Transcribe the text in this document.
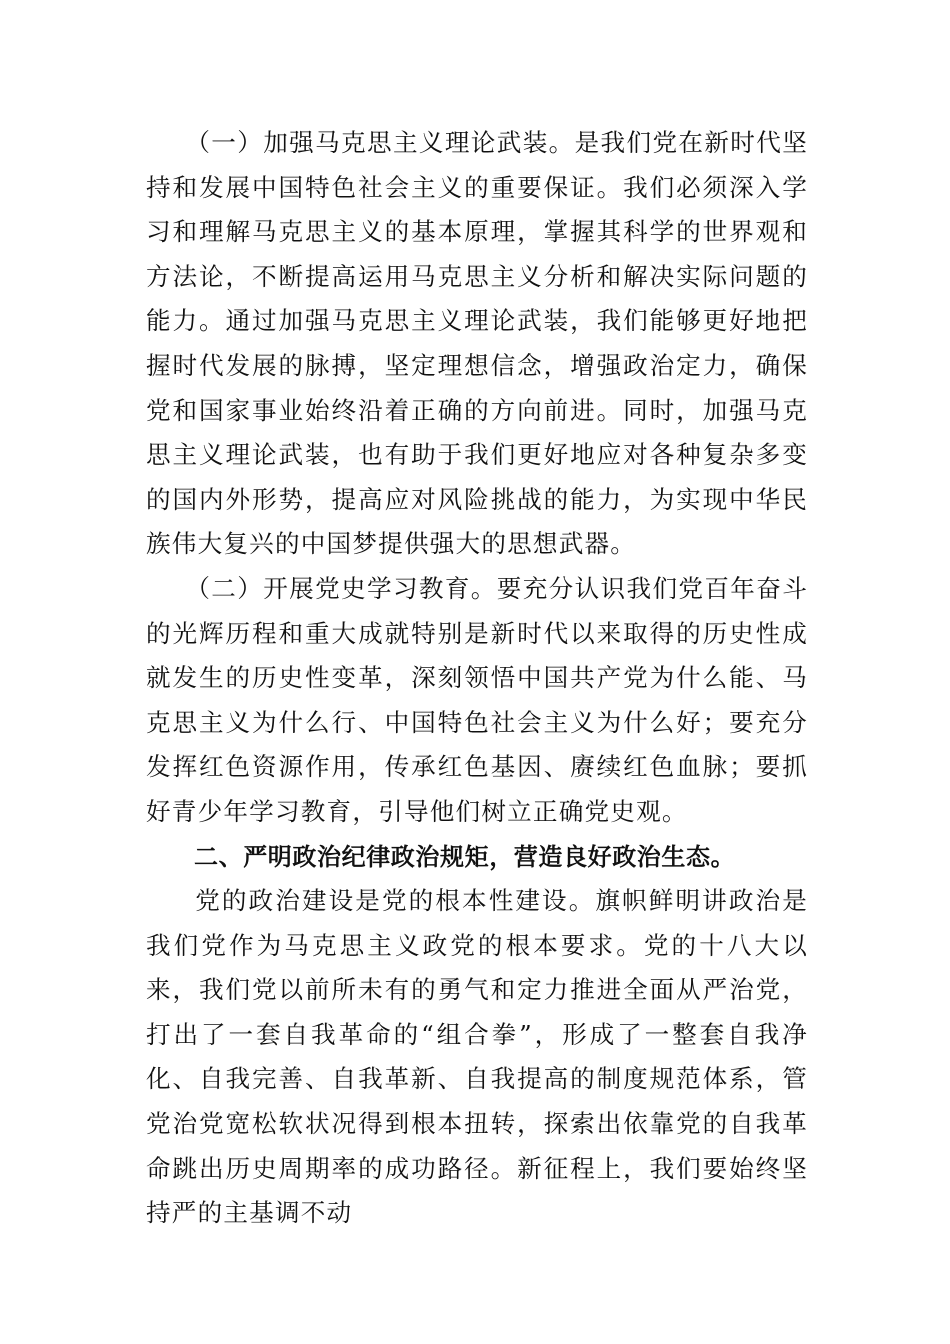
（一）加强马克思主义理论武装。是我们党在新时代坚持和发展中国特色社会主义的重要保证。我们必须深入学习和理解马克思主义的基本原理，掌握其科学的世界观和方法论，不断提高运用马克思主义分析和解决实际问题的能力。通过加强马克思主义理论武装，我们能够更好地把握时代发展的脉搏，坚定理想信念，增强政治定力，确保党和国家事业始终沿着正确的方向前进。同时，加强马克思主义理论武装，也有助于我们更好地应对各种复杂多变的国内外形势，提高应对风险挑战的能力，为实现中华民族伟大复兴的中国梦提供强大的思想武器。

（二）开展党史学习教育。要充分认识我们党百年奋斗的光辉历程和重大成就特别是新时代以来取得的历史性成就发生的历史性变革，深刻领悟中国共产党为什么能、马克思主义为什么行、中国特色社会主义为什么好；要充分发挥红色资源作用，传承红色基因、赓续红色血脉；要抓好青少年学习教育，引导他们树立正确党史观。

二、严明政治纪律政治规矩，营造良好政治生态。

党的政治建设是党的根本性建设。旗帜鲜明讲政治是我们党作为马克思主义政党的根本要求。党的十八大以来，我们党以前所未有的勇气和定力推进全面从严治党，打出了一套自我革命的“组合拳”，形成了一整套自我净化、自我完善、自我革新、自我提高的制度规范体系，管党治党宽松软状况得到根本扭转，探索出依靠党的自我革命跳出历史周期率的成功路径。新征程上，我们要始终坚持严的主基调不动
